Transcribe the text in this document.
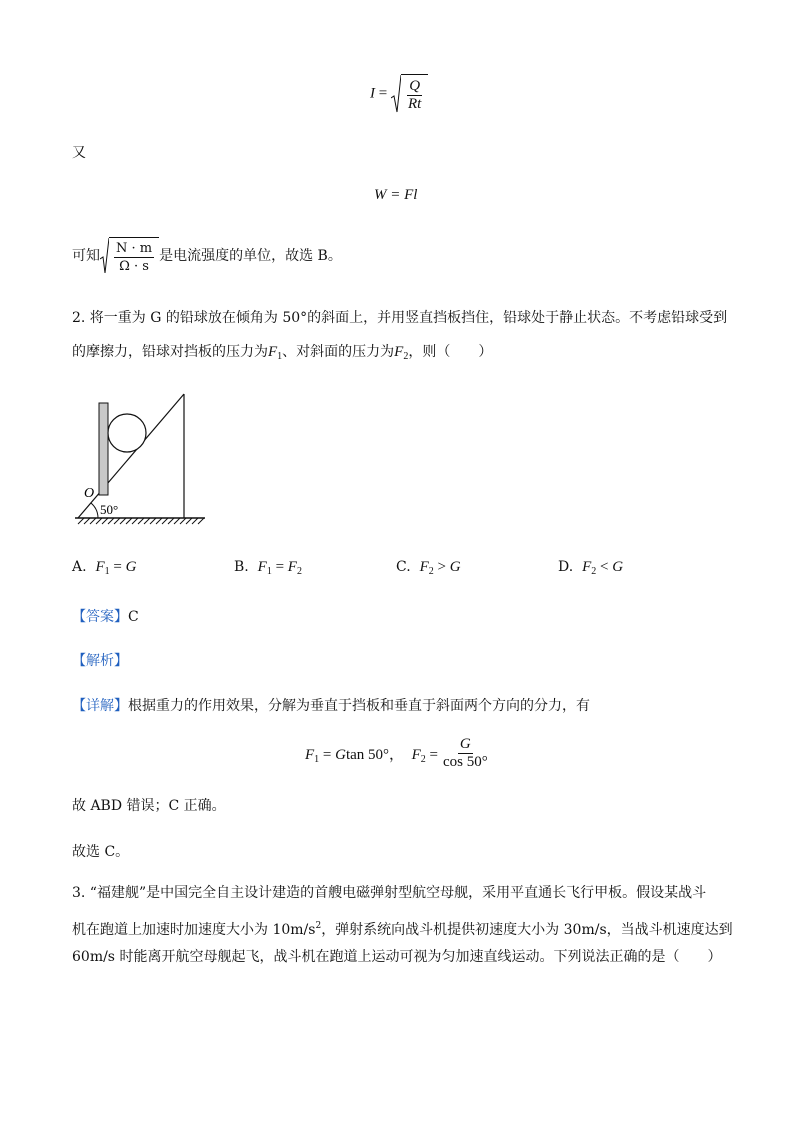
$I = \frac{Q}{Rt}$
又
W = Fl
可知 $\frac{N \cdot m}{\Omega \cdot s}$ 是电流强度的单位，故选 B。
2. 将一重为 G 的铅球放在倾角为 50°的斜面上，并用竖直挡板挡住，铅球处于静止状态。不考虑铅球受到
的摩擦力，铅球对挡板的压力为$F_1$、对斜面的压力为$F_2$，则（　　）
O
50°
A. $F_1 = G$	B. $F_1 = F_2$	C. $F_2 > G$	D. $F_2 < G$
【答案】C
【解析】
【详解】根据重力的作用效果，分解为垂直于挡板和垂直于斜面两个方向的分力，有
$F_1 = Gtan$ 50°，  $F_2 = \frac{G}{\cos 50^\circ}$
故 ABD 错误；C 正确。
故选 C。
3. “福建舰”是中国完全自主设计建造的首艘电磁弹射型航空母舰，采用平直通长飞行甲板。假设某战斗
机在跑道上加速时加速度大小为 $10m/s^2$，弹射系统向战斗机提供初速度大小为 30m/s，当战斗机速度达到
60m/s 时能离开航空母舰起飞，战斗机在跑道上运动可视为匀加速直线运动。下列说法正确的是（　　）
